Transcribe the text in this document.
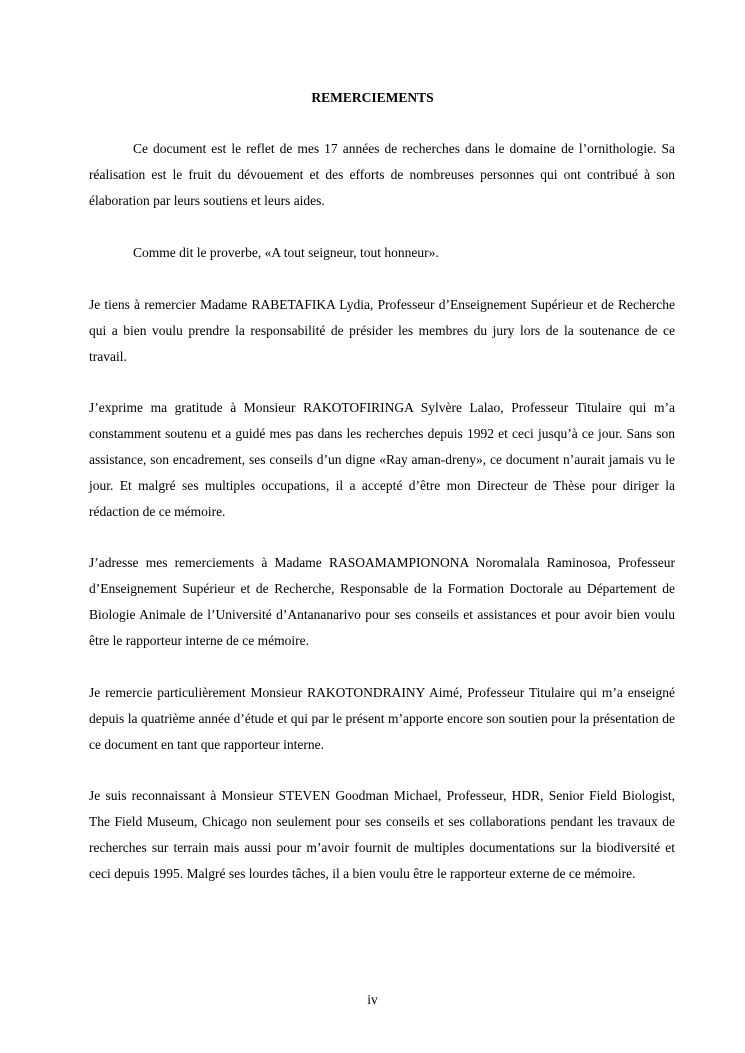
REMERCIEMENTS

Ce document est le reflet de mes 17 années de recherches dans le domaine de l’ornithologie. Sa réalisation est le fruit du dévouement et des efforts de nombreuses personnes qui ont contribué à son élaboration par leurs soutiens et leurs aides.

Comme dit le proverbe, «A tout seigneur, tout honneur».

Je tiens à remercier Madame RABETAFIKA Lydia, Professeur d’Enseignement Supérieur et de Recherche qui a bien voulu prendre la responsabilité de présider les membres du jury lors de la soutenance de ce travail.

J’exprime ma gratitude à Monsieur RAKOTOFIRINGA Sylvère Lalao, Professeur Titulaire qui m’a constamment soutenu et a guidé mes pas dans les recherches depuis 1992 et ceci jusqu’à ce jour. Sans son assistance, son encadrement, ses conseils d’un digne «Ray aman-dreny», ce document n’aurait jamais vu le jour. Et malgré ses multiples occupations, il a accepté d’être mon Directeur de Thèse pour diriger la rédaction de ce mémoire.

J’adresse mes remerciements à Madame RASOAMAMPIONONA Noromalala Raminosoa, Professeur d’Enseignement Supérieur et de Recherche, Responsable de la Formation Doctorale au Département de Biologie Animale de l’Université d’Antananarivo pour ses conseils et assistances et pour avoir bien voulu être le rapporteur interne de ce mémoire.

Je remercie particulièrement Monsieur RAKOTONDRAINY Aimé, Professeur Titulaire qui m’a enseigné depuis la quatrième année d’étude et qui par le présent m’apporte encore son soutien pour la présentation de ce document en tant que rapporteur interne.

Je suis reconnaissant à Monsieur STEVEN Goodman Michael, Professeur, HDR, Senior Field Biologist, The Field Museum, Chicago non seulement pour ses conseils et ses collaborations pendant les travaux de recherches sur terrain mais aussi pour m’avoir fournit de multiples documentations sur la biodiversité et ceci depuis 1995. Malgré ses lourdes tâches, il a bien voulu être le rapporteur externe de ce mémoire.

iv
